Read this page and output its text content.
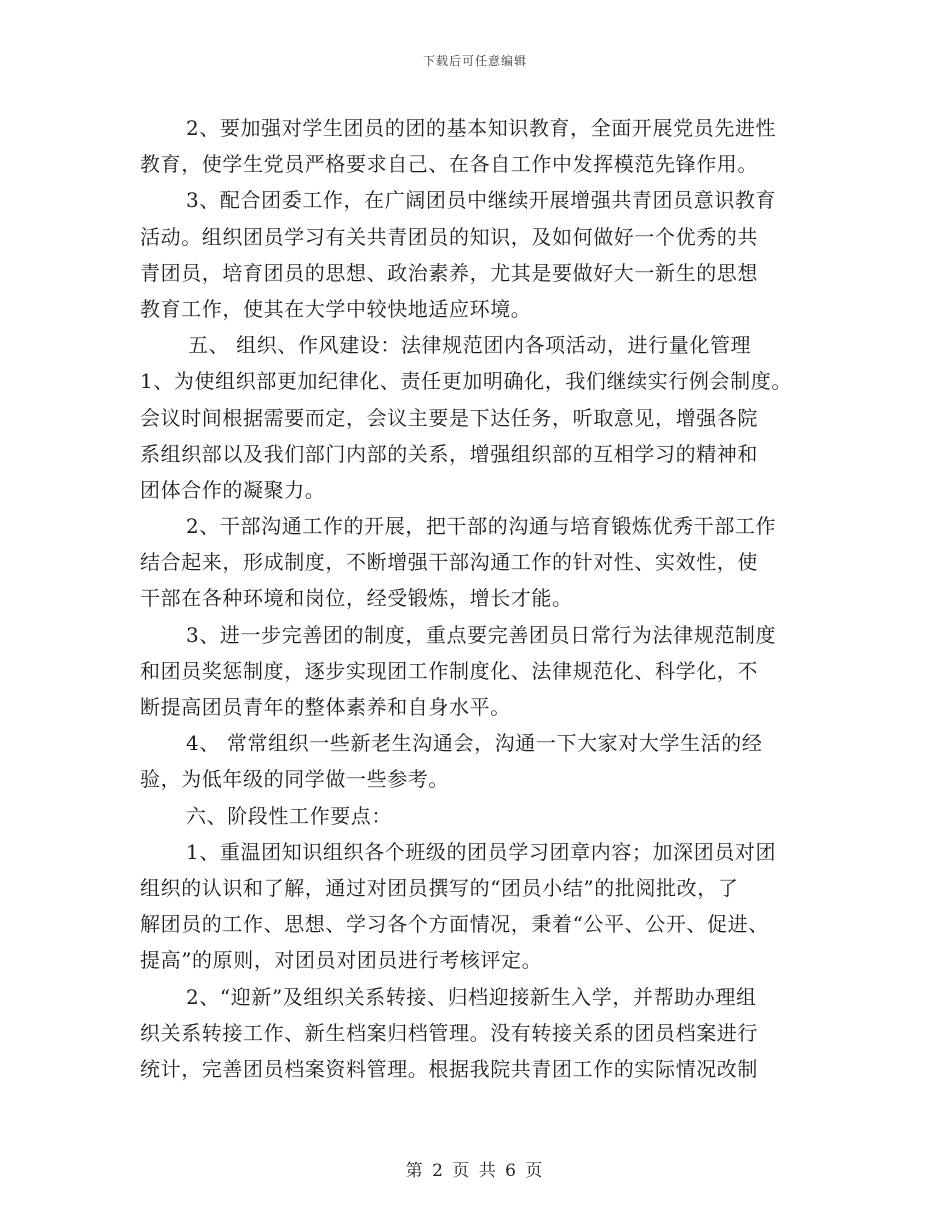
下载后可任意编辑
2、要加强对学生团员的团的基本知识教育，全面开展党员先进性
教育，使学生党员严格要求自己、在各自工作中发挥模范先锋作用。
3、配合团委工作，在广阔团员中继续开展增强共青团员意识教育
活动。组织团员学习有关共青团员的知识，及如何做好一个优秀的共
青团员，培育团员的思想、政治素养，尤其是要做好大一新生的思想
教育工作，使其在大学中较快地适应环境。
五、 组织、作风建设：法律规范团内各项活动，进行量化管理
1、为使组织部更加纪律化、责任更加明确化，我们继续实行例会制度。
会议时间根据需要而定，会议主要是下达任务，听取意见，增强各院
系组织部以及我们部门内部的关系，增强组织部的互相学习的精神和
团体合作的凝聚力。
2、干部沟通工作的开展，把干部的沟通与培育锻炼优秀干部工作
结合起来，形成制度，不断增强干部沟通工作的针对性、实效性，使
干部在各种环境和岗位，经受锻炼，增长才能。
3、进一步完善团的制度，重点要完善团员日常行为法律规范制度
和团员奖惩制度，逐步实现团工作制度化、法律规范化、科学化，不
断提高团员青年的整体素养和自身水平。
4、 常常组织一些新老生沟通会，沟通一下大家对大学生活的经
验，为低年级的同学做一些参考。
六、阶段性工作要点：
1、重温团知识组织各个班级的团员学习团章内容；加深团员对团
组织的认识和了解，通过对团员撰写的“团员小结”的批阅批改，了
解团员的工作、思想、学习各个方面情况，秉着“公平、公开、促进、
提高”的原则，对团员对团员进行考核评定。
2、“迎新”及组织关系转接、归档迎接新生入学，并帮助办理组
织关系转接工作、新生档案归档管理。没有转接关系的团员档案进行
统计，完善团员档案资料管理。根据我院共青团工作的实际情况改制
第 2 页 共 6 页
